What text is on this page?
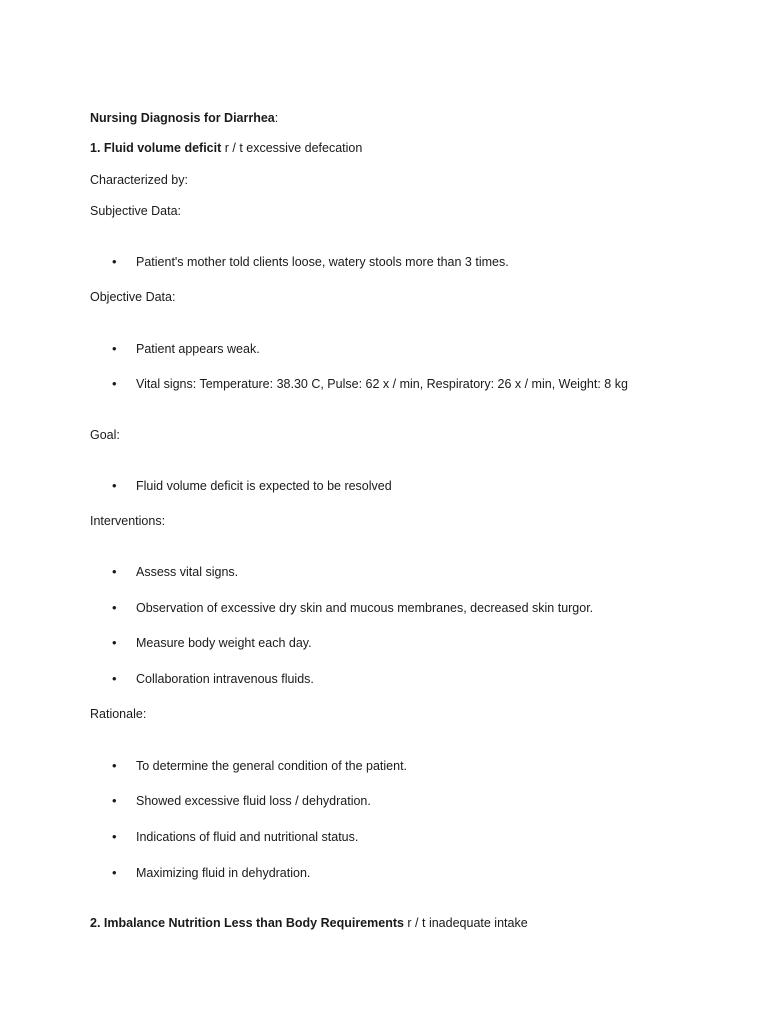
Nursing Diagnosis for Diarrhea:
1. Fluid volume deficit r / t excessive defecation
Characterized by:
Subjective Data:
• Patient's mother told clients loose, watery stools more than 3 times.
Objective Data:
• Patient appears weak.
• Vital signs: Temperature: 38.30 C, Pulse: 62 x / min, Respiratory: 26 x / min, Weight: 8 kg
Goal:
• Fluid volume deficit is expected to be resolved
Interventions:
• Assess vital signs.
• Observation of excessive dry skin and mucous membranes, decreased skin turgor.
• Measure body weight each day.
• Collaboration intravenous fluids.
Rationale:
• To determine the general condition of the patient.
• Showed excessive fluid loss / dehydration.
• Indications of fluid and nutritional status.
• Maximizing fluid in dehydration.
2. Imbalance Nutrition Less than Body Requirements r / t inadequate intake
